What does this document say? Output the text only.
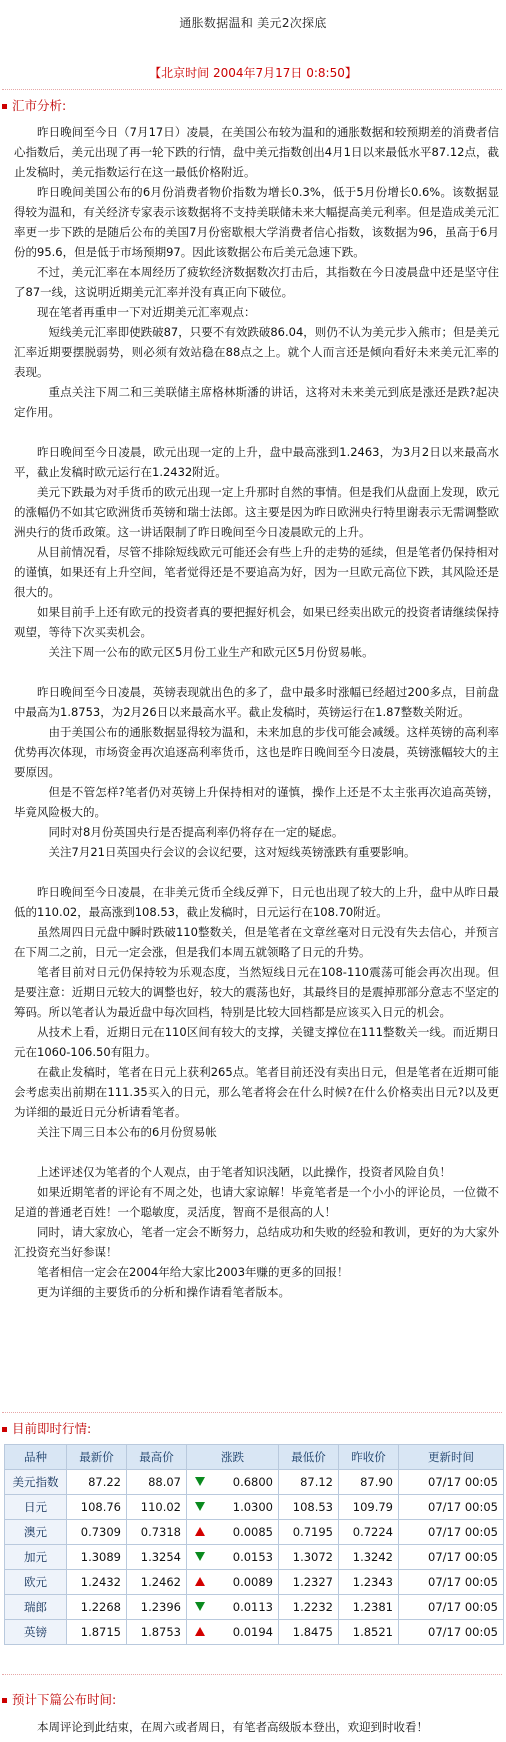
通胀数据温和 美元2次探底
【北京时间 2004年7月17日 0:8:50】
汇市分析:

昨日晚间至今日（7月17日）凌晨，在美国公布较为温和的通胀数据和较预期差的消费者信心指数后，美元出现了再一轮下跌的行情，盘中美元指数创出4月1日以来最低水平87.12点，截止发稿时，美元指数运行在这一最低价格附近。

昨日晚间美国公布的6月份消费者物价指数为增长0.3%，低于5月份增长0.6%。该数据显得较为温和，有关经济专家表示该数据将不支持美联储未来大幅提高美元利率。但是造成美元汇率更一步下跌的是随后公布的美国7月份密歇根大学消费者信心指数，该数据为96，虽高于6月份的95.6，但是低于市场预期97。因此该数据公布后美元急速下跌。

不过，美元汇率在本周经历了疲软经济数据数次打击后，其指数在今日凌晨盘中还是坚守住了87一线，这说明近期美元汇率并没有真正向下破位。

现在笔者再重申一下对近期美元汇率观点：

短线美元汇率即使跌破87，只要不有效跌破86.04，则仍不认为美元步入熊市；但是美元汇率近期要摆脱弱势，则必须有效站稳在88点之上。就个人而言还是倾向看好未来美元汇率的表现。

重点关注下周二和三美联储主席格林斯潘的讲话，这将对未来美元到底是涨还是跌?起决定作用。

昨日晚间至今日凌晨，欧元出现一定的上升，盘中最高涨到1.2463，为3月2日以来最高水平，截止发稿时欧元运行在1.2432附近。

美元下跌最为对手货币的欧元出现一定上升那时自然的事情。但是我们从盘面上发现，欧元的涨幅仍不如其它欧洲货币英镑和瑞士法郎。这主要是因为昨日欧洲央行特里谢表示无需调整欧洲央行的货币政策。这一讲话限制了昨日晚间至今日凌晨欧元的上升。

从目前情况看，尽管不排除短线欧元可能还会有些上升的走势的延续，但是笔者仍保持相对的谨慎，如果还有上升空间，笔者觉得还是不要追高为好，因为一旦欧元高位下跌，其风险还是很大的。

如果目前手上还有欧元的投资者真的要把握好机会，如果已经卖出欧元的投资者请继续保持观望，等待下次买卖机会。

关注下周一公布的欧元区5月份工业生产和欧元区5月份贸易帐。

昨日晚间至今日凌晨，英镑表现就出色的多了，盘中最多时涨幅已经超过200多点，目前盘中最高为1.8753，为2月26日以来最高水平。截止发稿时，英镑运行在1.87整数关附近。

由于美国公布的通胀数据显得较为温和，未来加息的步伐可能会减缓。这样英镑的高利率优势再次体现，市场资金再次追逐高利率货币，这也是昨日晚间至今日凌晨，英镑涨幅较大的主要原因。

但是不管怎样?笔者仍对英镑上升保持相对的谨慎，操作上还是不太主张再次追高英镑，毕竟风险极大的。

同时对8月份英国央行是否提高利率仍将存在一定的疑虑。

关注7月21日英国央行会议的会议纪要，这对短线英镑涨跌有重要影响。

昨日晚间至今日凌晨，在非美元货币全线反弹下，日元也出现了较大的上升，盘中从昨日最低的110.02，最高涨到108.53，截止发稿时，日元运行在108.70附近。

虽然周四日元盘中瞬时跌破110整数关，但是笔者在文章丝毫对日元没有失去信心，并预言在下周二之前，日元一定会涨，但是我们本周五就领略了日元的升势。

笔者目前对日元仍保持较为乐观态度，当然短线日元在108-110震荡可能会再次出现。但是要注意：近期日元较大的调整也好，较大的震荡也好，其最终目的是震掉那部分意志不坚定的筹码。所以笔者认为最近盘中每次回档，特别是比较大回档都是应该买入日元的机会。

从技术上看，近期日元在110区间有较大的支撑，关键支撑位在111整数关一线。而近期日元在1060-106.50有阻力。

在截止发稿时，笔者在日元上获利265点。笔者目前还没有卖出日元，但是笔者在近期可能会考虑卖出前期在111.35买入的日元，那么笔者将会在什么时候?在什么价格卖出日元?以及更为详细的最近日元分析请看笔者。

关注下周三日本公布的6月份贸易帐

上述评述仅为笔者的个人观点，由于笔者知识浅陋，以此操作，投资者风险自负！

如果近期笔者的评论有不周之处，也请大家谅解！毕竟笔者是一个小小的评论员，一位微不足道的普通老百姓！一个聪敏度，灵活度，智商不是很高的人！

同时，请大家放心，笔者一定会不断努力，总结成功和失败的经验和教训，更好的为大家外汇投资充当好参谋！

笔者相信一定会在2004年给大家比2003年赚的更多的回报！

更为详细的主要货币的分析和操作请看笔者版本。

目前即时行情:
品种	最新价	最高价	涨跌	最低价	昨收价	更新时间
美元指数	87.22	88.07	0.6800	87.12	87.90	07/17 00:05
日元	108.76	110.02	1.0300	108.53	109.79	07/17 00:05
澳元	0.7309	0.7318	0.0085	0.7195	0.7224	07/17 00:05
加元	1.3089	1.3254	0.0153	1.3072	1.3242	07/17 00:05
欧元	1.2432	1.2462	0.0089	1.2327	1.2343	07/17 00:05
瑞郎	1.2268	1.2396	0.0113	1.2232	1.2381	07/17 00:05
英镑	1.8715	1.8753	0.0194	1.8475	1.8521	07/17 00:05
预计下篇公布时间:
本周评论到此结束，在周六或者周日，有笔者高级版本登出，欢迎到时收看！
